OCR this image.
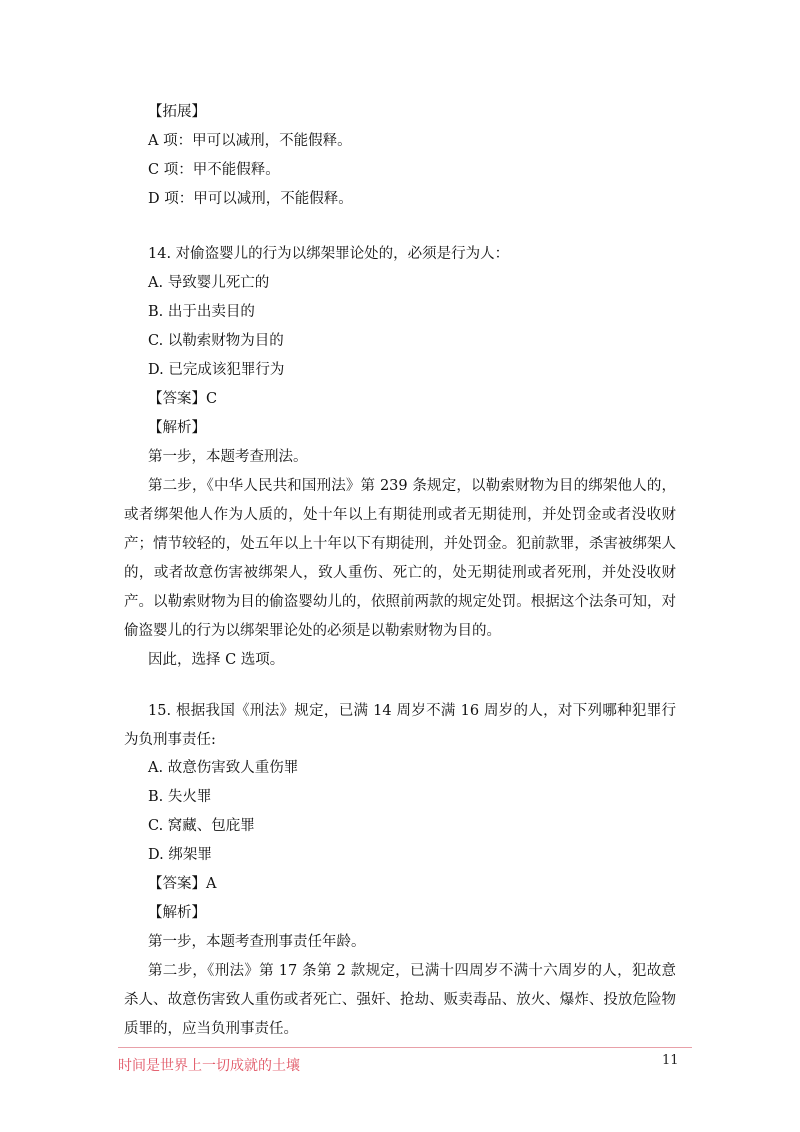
【拓展】
A 项：甲可以减刑，不能假释。
C 项：甲不能假释。
D 项：甲可以减刑，不能假释。
14. 对偷盗婴儿的行为以绑架罪论处的，必须是行为人：
A. 导致婴儿死亡的
B. 出于出卖目的
C. 以勒索财物为目的
D. 已完成该犯罪行为
【答案】C
【解析】
第一步，本题考查刑法。
第二步，《中华人民共和国刑法》第 239 条规定，以勒索财物为目的绑架他人的，或者绑架他人作为人质的，处十年以上有期徒刑或者无期徒刑，并处罚金或者没收财产；情节较轻的，处五年以上十年以下有期徒刑，并处罚金。犯前款罪，杀害被绑架人的，或者故意伤害被绑架人，致人重伤、死亡的，处无期徒刑或者死刑，并处没收财产。以勒索财物为目的偷盗婴幼儿的，依照前两款的规定处罚。根据这个法条可知，对偷盗婴儿的行为以绑架罪论处的必须是以勒索财物为目的。
因此，选择 C 选项。
15. 根据我国《刑法》规定，已满 14 周岁不满 16 周岁的人，对下列哪种犯罪行为负刑事责任:
A. 故意伤害致人重伤罪
B. 失火罪
C. 窝藏、包庇罪
D. 绑架罪
【答案】A
【解析】
第一步，本题考查刑事责任年龄。
第二步，《刑法》第 17 条第 2 款规定，已满十四周岁不满十六周岁的人，犯故意杀人、故意伤害致人重伤或者死亡、强奸、抢劫、贩卖毒品、放火、爆炸、投放危险物质罪的，应当负刑事责任。
时间是世界上一切成就的土壤	11
